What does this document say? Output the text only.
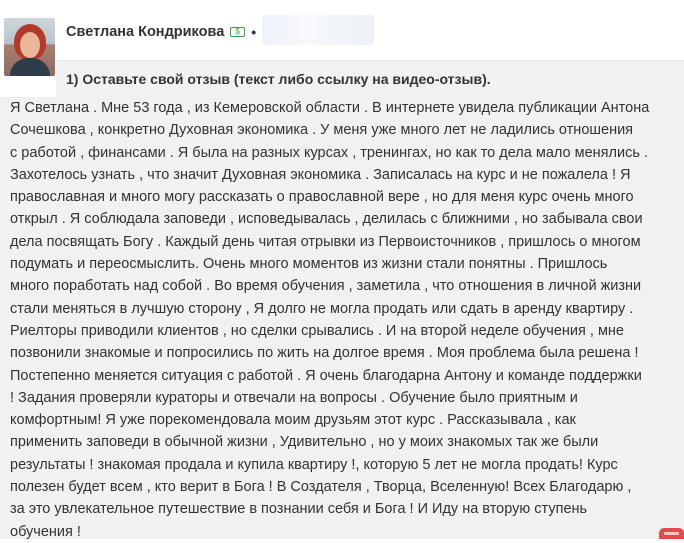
Светлана Кондрикова	$ •
1) Оставьте свой отзыв (текст либо ссылку на видео-отзыв).

Я Светлана . Мне 53 года , из Кемеровской области . В интернете увидела публикации Антона
Сочешкова , конкретно Духовная экономика . У меня уже много лет не ладились отношения
с работой , финансами . Я была на разных курсах , тренингах, но как то дела мало менялись .
Захотелось узнать , что значит Духовная экономика . Записалась на курс и не пожалела ! Я
православная и много могу рассказать о православной вере , но для меня курс очень много
открыл . Я соблюдала заповеди , исповедывалась , делилась с ближними , но забывала свои
дела посвящать Богу . Каждый день читая отрывки из Первоисточников , пришлось о многом
подумать и переосмыслить. Очень много моментов из жизни стали понятны . Пришлось
много поработать над собой . Во время обучения , заметила , что отношения в личной жизни
стали меняться в лучшую сторону , Я долго не могла продать или сдать в аренду квартиру .
Риелторы приводили клиентов , но сделки срывались . И на второй неделе обучения , мне
позвонили знакомые и попросились по жить на долгое время . Моя проблема была решена !
Постепенно меняется ситуация с работой . Я очень благодарна Антону и команде поддержки
! Задания проверяли кураторы и отвечали на вопросы . Обучение было приятным и
комфортным! Я уже порекомендовала моим друзьям этот курс . Рассказывала , как
применить заповеди в обычной жизни , Удивительно , но у моих знакомых так же были
результаты ! знакомая продала и купила квартиру !, которую 5 лет не могла продать! Курс
полезен будет всем , кто верит в Бога ! В Создателя , Творца, Вселенную! Всех Благодарю ,
за это увлекательное путешествие в познании себя и Бога ! И Иду на вторую ступень
обучения !
